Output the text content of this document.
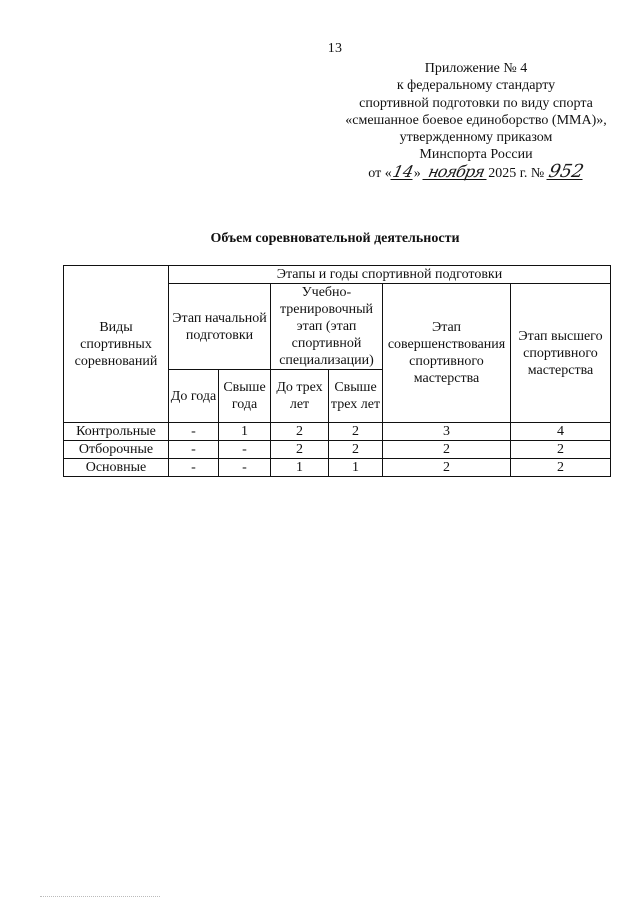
13
Приложение № 4
к федеральному стандарту
спортивной подготовки по виду спорта
«смешанное боевое единоборство (ММА)»,
утвержденному приказом
Минспорта России
от «14» ноября 2025 г. № 952
Объем соревновательной деятельности
Виды спортивных соревнований	Этапы и годы спортивной подготовки					
	Этап начальной подготовки		Учебно-тренировочный этап (этап спортивной специализации)		Этап совершенствования спортивного мастерства	Этап высшего спортивного мастерства
	До года	Свыше года	До трех лет	Свыше трех лет		
Контрольные	-	1	2	2	3	4
Отборочные	-	-	2	2	2	2
Основные	-	-	1	1	2	2
